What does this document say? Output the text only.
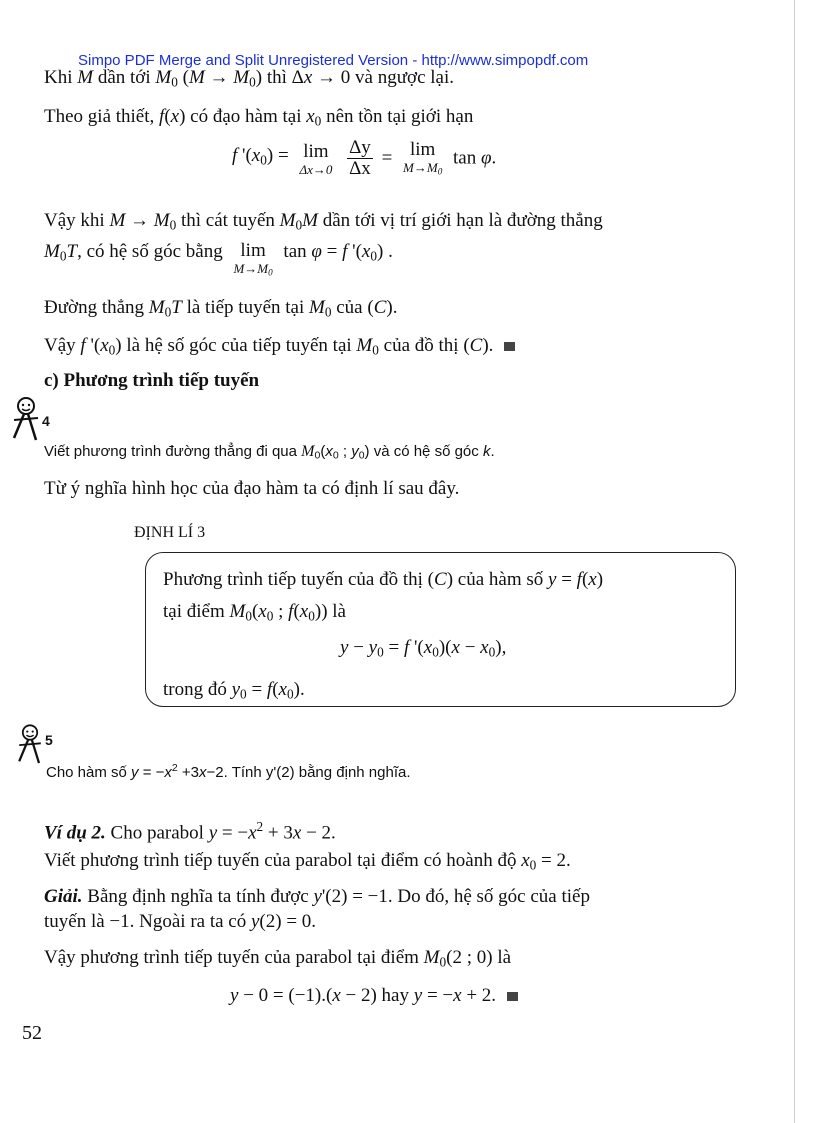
Simpo PDF Merge and Split Unregistered Version - http://www.simpopdf.com
Khi M dần tới $M_0$ $(M \to M_0)$ thì Δx → 0 và ngược lại.
Theo giả thiết, f(x) có đạo hàm tại $x_0$ nên tồn tại giới hạn
f '$(x_0) = \lim$
Δx→0
$\frac{\Delta y}{\Delta x} = \lim$
$M\to M_0$
tan φ.
Vậy khi $M \to M_0$ thì cát tuyến $M_0M$ dần tới vị trí giới hạn là đường thẳng
$M_0T$, có hệ số góc bằng lim
$M\to M_0$
tan φ = f '$(x_0)$ .
Đường thẳng $M_0T$ là tiếp tuyến tại $M_0$ của (C).
Vậy f '$(x_0)$ là hệ số góc của tiếp tuyến tại $M_0$ của đồ thị (C).
c) Phương trình tiếp tuyến
4
Viết phương trình đường thẳng đi qua $M_0(x_0$ ; $y_0$) và có hệ số góc k.
Từ ý nghĩa hình học của đạo hàm ta có định lí sau đây.
ĐỊNH LÍ 3
Phương trình tiếp tuyến của đồ thị (C) của hàm số y = f(x)
tại điểm $M_0(x_0$ ; $f(x_0)$) là
$y - y_0 = f$ '$(x_0)(x - x_0)$,
trong đó $y_0 = f(x_0)$.
5
Cho hàm số $y = -x^2 +3x-2$. Tính y'(2) bằng định nghĩa.
Ví dụ 2. Cho parabol $y = -x^2 + 3x - 2$.
Viết phương trình tiếp tuyến của parabol tại điểm có hoành độ $x_0 = 2$.
Giải. Bằng định nghĩa ta tính được y'(2) = −1. Do đó, hệ số góc của tiếp
tuyến là −1. Ngoài ra ta có y(2) = 0.
Vậy phương trình tiếp tuyến của parabol tại điểm $M_0(2$ ; 0) là
y − 0 = (−1).(x − 2) hay y = −x + 2.
52
